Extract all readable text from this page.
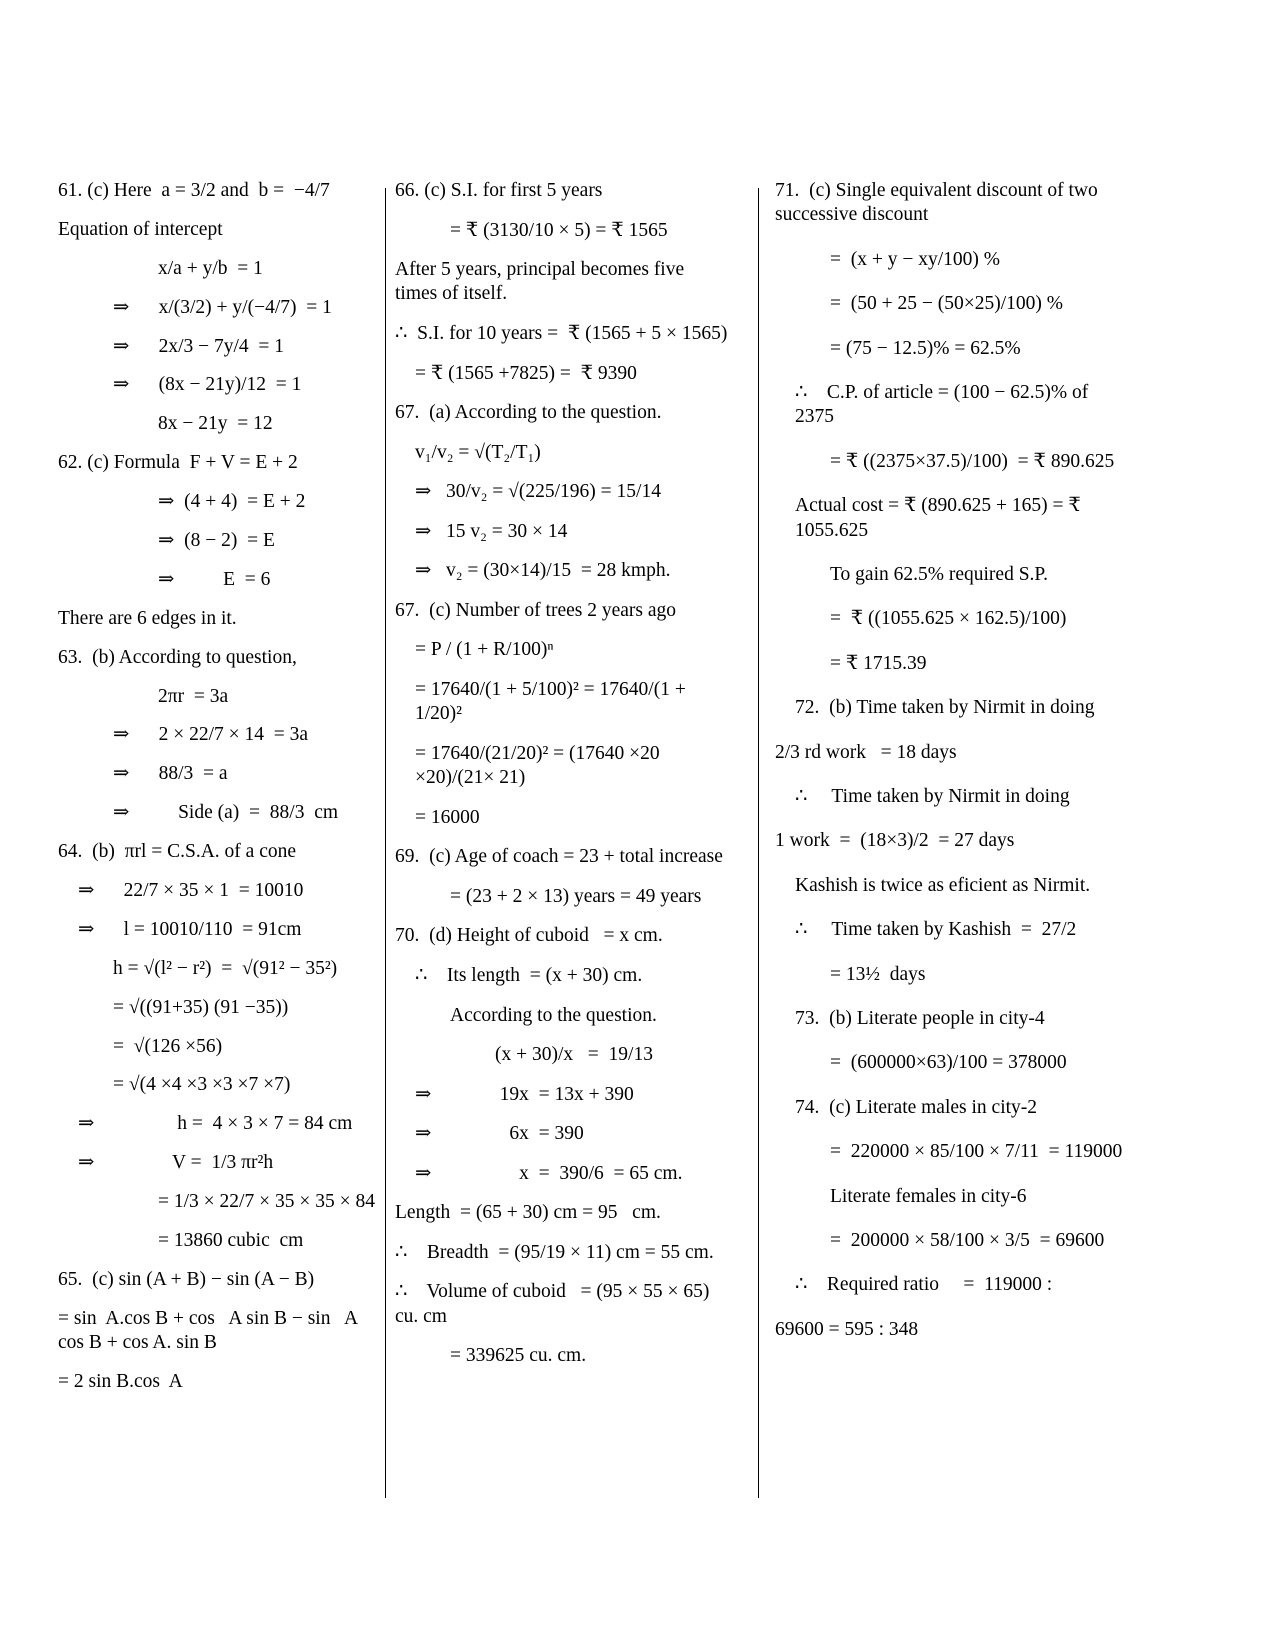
61. (c) Here  a = 3/2 and  b =  −4/7

Equation of intercept

x/a + y/b  = 1

⇒      x/(3/2) + y/(−4/7)  = 1

⇒      2x/3 − 7y/4  = 1

⇒      (8x − 21y)/12  = 1

8x − 21y  = 12

62. (c) Formula  F + V = E + 2

⇒  (4 + 4)  = E + 2

⇒  (8 − 2)  = E

⇒          E  = 6

There are 6 edges in it.

63.  (b) According to question,

2πr  = 3a

⇒      2 × 22/7 × 14  = 3a

⇒      88/3  = a

⇒          Side (a)  =  88/3  cm

64.  (b)  πrl = C.S.A. of a cone

⇒      22/7 × 35 × 1  = 10010

⇒      l = 10010/110  = 91cm

h = √(l² − r²)  =  √(91² − 35²)

= √((91+35) (91 −35))

=  √(126 ×56)

= √(4 ×4 ×3 ×3 ×7 ×7)

⇒                 h =  4 × 3 × 7 = 84 cm

⇒                V =  1/3 πr²h

= 1/3 × 22/7 × 35 × 35 × 84

= 13860 cubic  cm

65.  (c) sin (A + B) − sin (A − B)

= sin  A.cos B + cos   A sin B − sin   A cos B + cos A. sin B

= 2 sin B.cos  A

66. (c) S.I. for first 5 years

= ₹ (3130/10 × 5) = ₹ 1565

After 5 years, principal becomes five times of itself.

∴  S.I. for 10 years =  ₹ (1565 + 5 × 1565)

= ₹ (1565 +7825) =  ₹ 9390

67.  (a) According to the question.

v₁/v₂ = √(T₂/T₁)

⇒   30/v₂ = √(225/196) = 15/14

⇒   15 v₂ = 30 × 14

⇒   v₂ = (30×14)/15  = 28 kmph.

67.  (c) Number of trees 2 years ago

= P / (1 + R/100)ⁿ

= 17640/(1 + 5/100)² = 17640/(1 + 1/20)²

= 17640/(21/20)² = (17640 ×20 ×20)/(21× 21)

= 16000

69.  (c) Age of coach = 23 + total increase

= (23 + 2 × 13) years = 49 years

70.  (d) Height of cuboid   = x cm.

∴    Its length  = (x + 30) cm.

According to the question.

(x + 30)/x   =  19/13

⇒              19x  = 13x + 390

⇒                6x  = 390

⇒                  x  =  390/6  = 65 cm.

Length  = (65 + 30) cm = 95   cm.

∴    Breadth  = (95/19 × 11) cm = 55 cm.

∴    Volume of cuboid   = (95 × 55 × 65)  cu. cm

= 339625 cu. cm.

71.  (c) Single equivalent discount of two successive discount

=  (x + y − xy/100) %

=  (50 + 25 − (50×25)/100) %

= (75 − 12.5)% = 62.5%

∴    C.P. of article = (100 − 62.5)% of  2375

= ₹ ((2375×37.5)/100)  = ₹ 890.625

Actual cost = ₹ (890.625 + 165) = ₹ 1055.625

To gain 62.5% required S.P.

=  ₹ ((1055.625 × 162.5)/100)

= ₹ 1715.39

72.  (b) Time taken by Nirmit in doing

2/3 rd work   = 18 days

∴     Time taken by Nirmit in doing

1 work  =  (18×3)/2  = 27 days

Kashish is twice as eficient as Nirmit.

∴     Time taken by Kashish  =  27/2

= 13½  days

73.  (b) Literate people in city-4

=  (600000×63)/100 = 378000

74.  (c) Literate males in city-2

=  220000 × 85/100 × 7/11  = 119000

Literate females in city-6

=  200000 × 58/100 × 3/5  = 69600

∴    Required ratio     =  119000 :

69600 = 595 : 348
